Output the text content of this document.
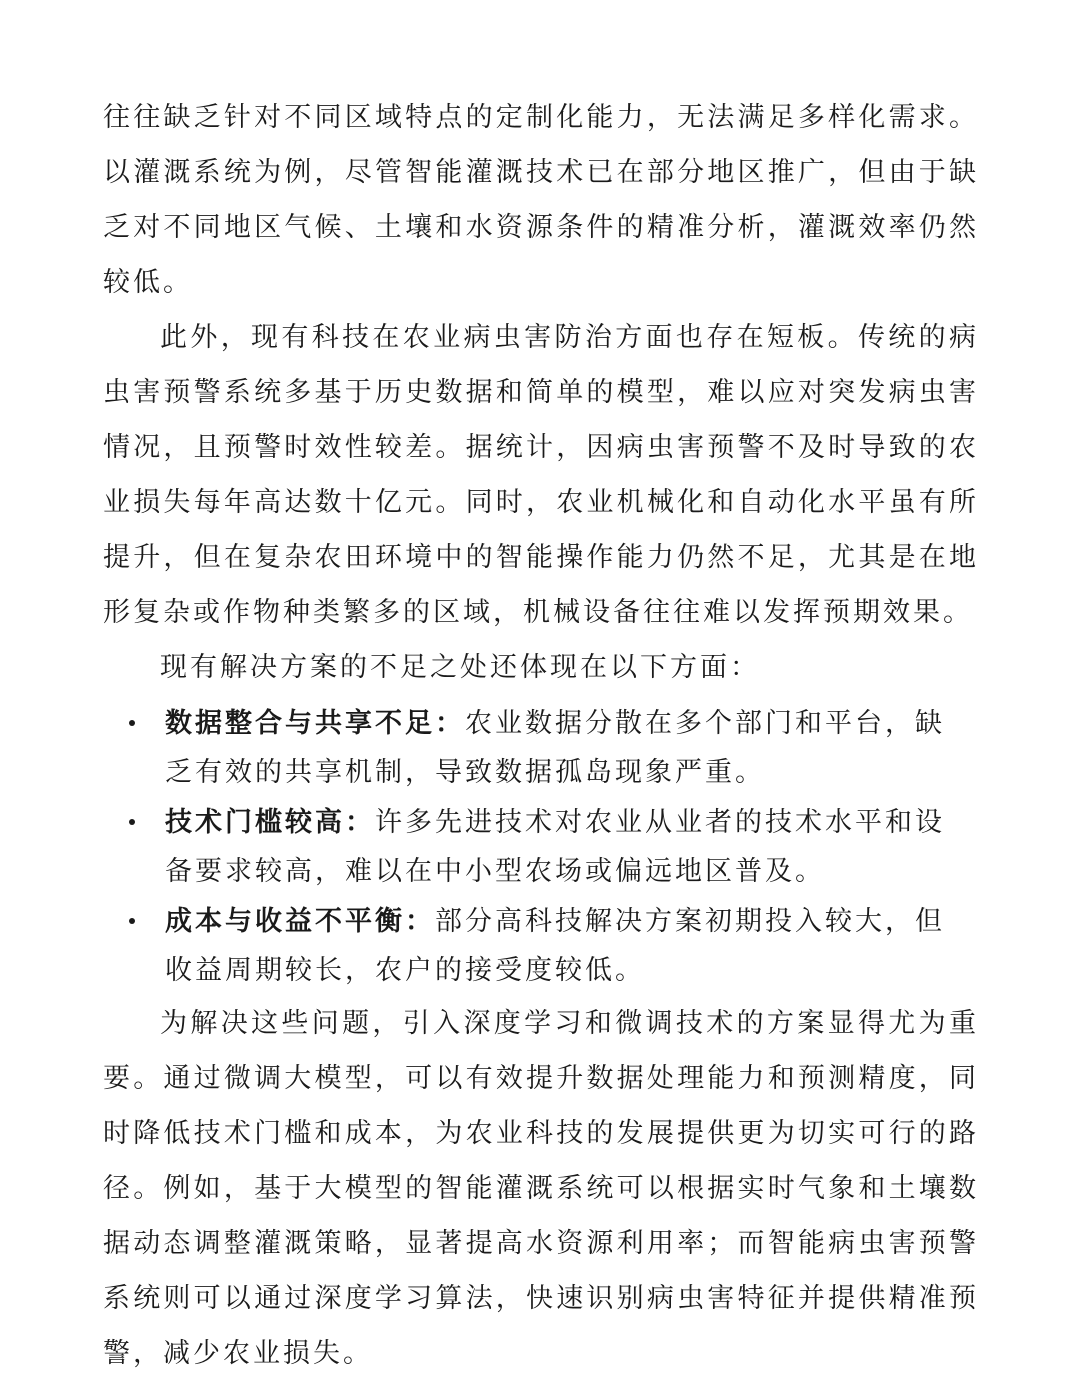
往往缺乏针对不同区域特点的定制化能力，无法满足多样化需求。以灌溉系统为例，尽管智能灌溉技术已在部分地区推广，但由于缺乏对不同地区气候、土壤和水资源条件的精准分析，灌溉效率仍然较低。

此外，现有科技在农业病虫害防治方面也存在短板。传统的病虫害预警系统多基于历史数据和简单的模型，难以应对突发病虫害情况，且预警时效性较差。据统计，因病虫害预警不及时导致的农业损失每年高达数十亿元。同时，农业机械化和自动化水平虽有所提升，但在复杂农田环境中的智能操作能力仍然不足，尤其是在地形复杂或作物种类繁多的区域，机械设备往往难以发挥预期效果。

现有解决方案的不足之处还体现在以下方面：

数据整合与共享不足：农业数据分散在多个部门和平台，缺乏有效的共享机制，导致数据孤岛现象严重。
技术门槛较高：许多先进技术对农业从业者的技术水平和设备要求较高，难以在中小型农场或偏远地区普及。
成本与收益不平衡：部分高科技解决方案初期投入较大，但收益周期较长，农户的接受度较低。

为解决这些问题，引入深度学习和微调技术的方案显得尤为重要。通过微调大模型，可以有效提升数据处理能力和预测精度，同时降低技术门槛和成本，为农业科技的发展提供更为切实可行的路径。例如，基于大模型的智能灌溉系统可以根据实时气象和土壤数据动态调整灌溉策略，显著提高水资源利用率；而智能病虫害预警系统则可以通过深度学习算法，快速识别病虫害特征并提供精准预警，减少农业损失。
